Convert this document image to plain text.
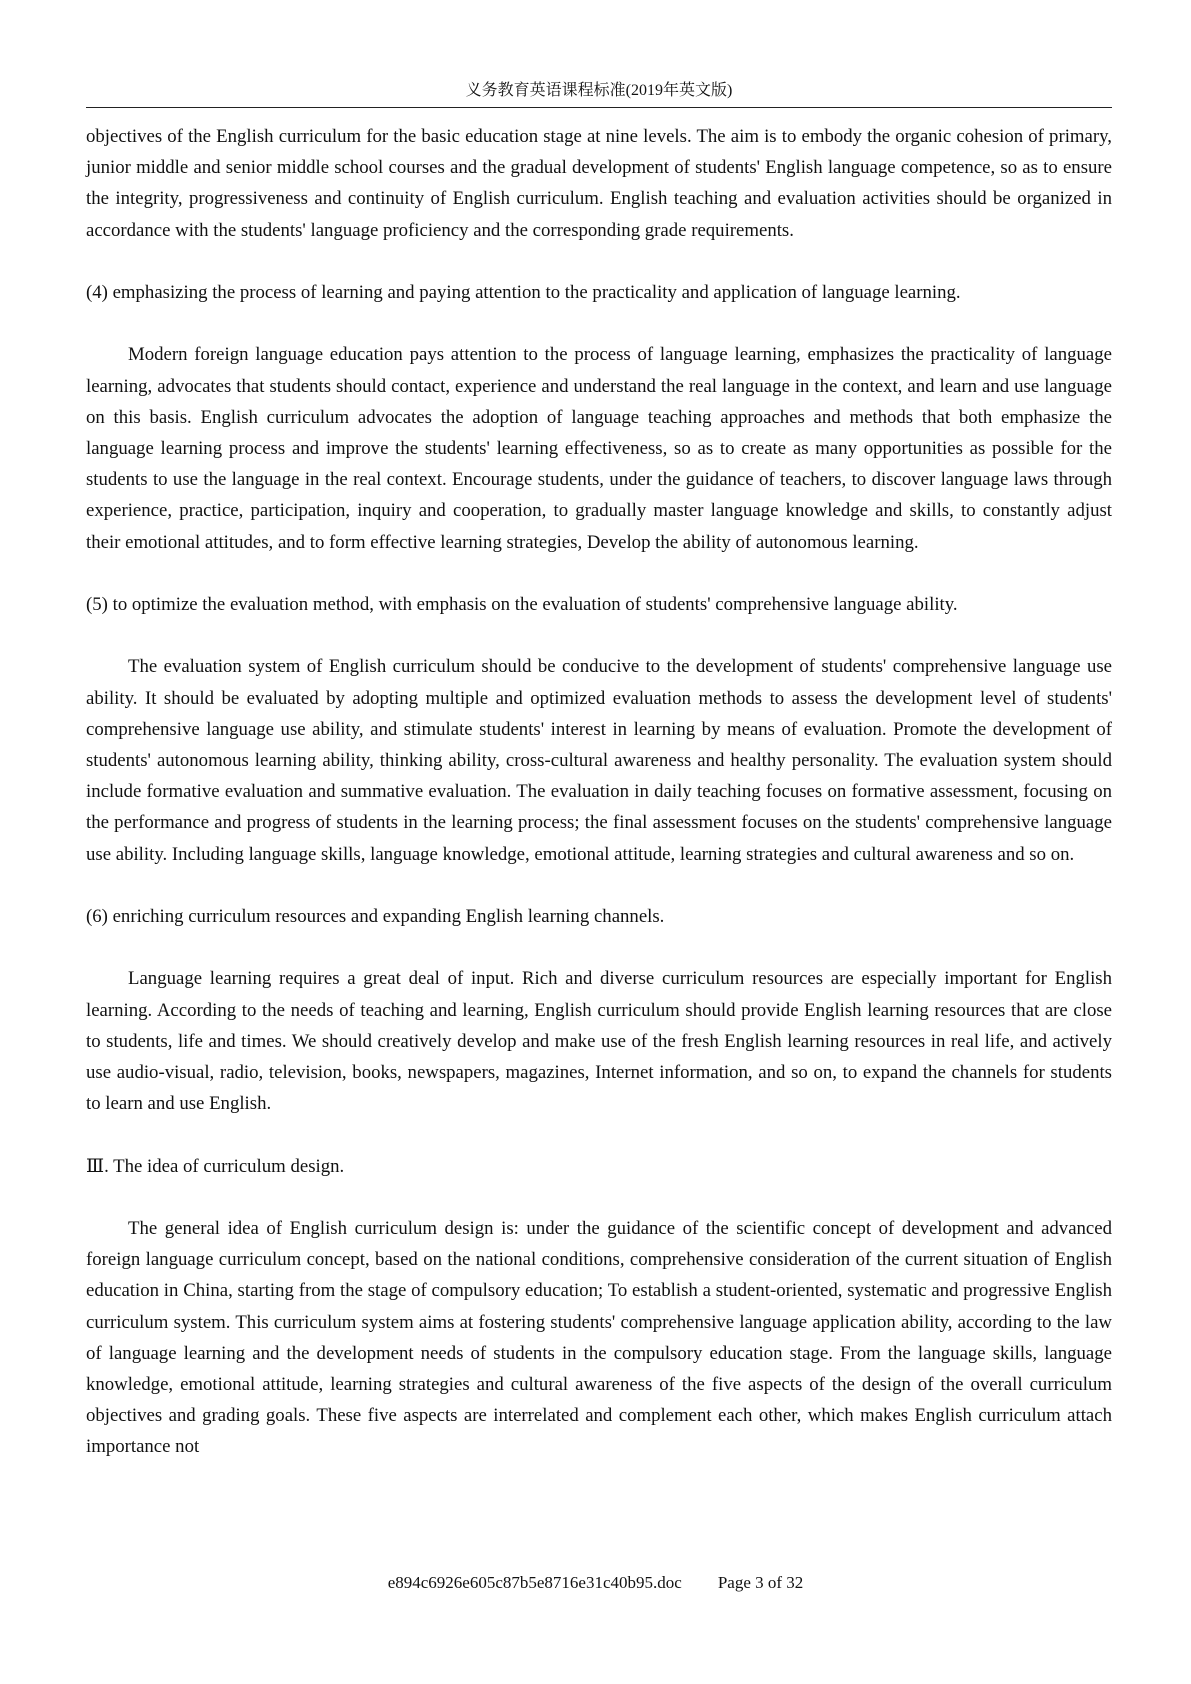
义务教育英语课程标准(2019年英文版)

objectives of the English curriculum for the basic education stage at nine levels. The aim is to embody the organic cohesion of primary, junior middle and senior middle school courses and the gradual development of students' English language competence, so as to ensure the integrity, progressiveness and continuity of English curriculum. English teaching and evaluation activities should be organized in accordance with the students' language proficiency and the corresponding grade requirements.

(4) emphasizing the process of learning and paying attention to the practicality and application of language learning.

Modern foreign language education pays attention to the process of language learning, emphasizes the practicality of language learning, advocates that students should contact, experience and understand the real language in the context, and learn and use language on this basis. English curriculum advocates the adoption of language teaching approaches and methods that both emphasize the language learning process and improve the students' learning effectiveness, so as to create as many opportunities as possible for the students to use the language in the real context. Encourage students, under the guidance of teachers, to discover language laws through experience, practice, participation, inquiry and cooperation, to gradually master language knowledge and skills, to constantly adjust their emotional attitudes, and to form effective learning strategies, Develop the ability of autonomous learning.

(5) to optimize the evaluation method, with emphasis on the evaluation of students' comprehensive language ability.

The evaluation system of English curriculum should be conducive to the development of students' comprehensive language use ability. It should be evaluated by adopting multiple and optimized evaluation methods to assess the development level of students' comprehensive language use ability, and stimulate students' interest in learning by means of evaluation. Promote the development of students' autonomous learning ability, thinking ability, cross-cultural awareness and healthy personality. The evaluation system should include formative evaluation and summative evaluation. The evaluation in daily teaching focuses on formative assessment, focusing on the performance and progress of students in the learning process; the final assessment focuses on the students' comprehensive language use ability. Including language skills, language knowledge, emotional attitude, learning strategies and cultural awareness and so on.

(6) enriching curriculum resources and expanding English learning channels.

Language learning requires a great deal of input. Rich and diverse curriculum resources are especially important for English learning. According to the needs of teaching and learning, English curriculum should provide English learning resources that are close to students, life and times. We should creatively develop and make use of the fresh English learning resources in real life, and actively use audio-visual, radio, television, books, newspapers, magazines, Internet information, and so on, to expand the channels for students to learn and use English.

Ⅲ. The idea of curriculum design.

The general idea of English curriculum design is: under the guidance of the scientific concept of development and advanced foreign language curriculum concept, based on the national conditions, comprehensive consideration of the current situation of English education in China, starting from the stage of compulsory education; To establish a student-oriented, systematic and progressive English curriculum system. This curriculum system aims at fostering students' comprehensive language application ability, according to the law of language learning and the development needs of students in the compulsory education stage. From the language skills, language knowledge, emotional attitude, learning strategies and cultural awareness of the five aspects of the design of the overall curriculum objectives and grading goals. These five aspects are interrelated and complement each other, which makes English curriculum attach importance not

e894c6926e605c87b5e8716e31c40b95.doc Page 3 of 32
